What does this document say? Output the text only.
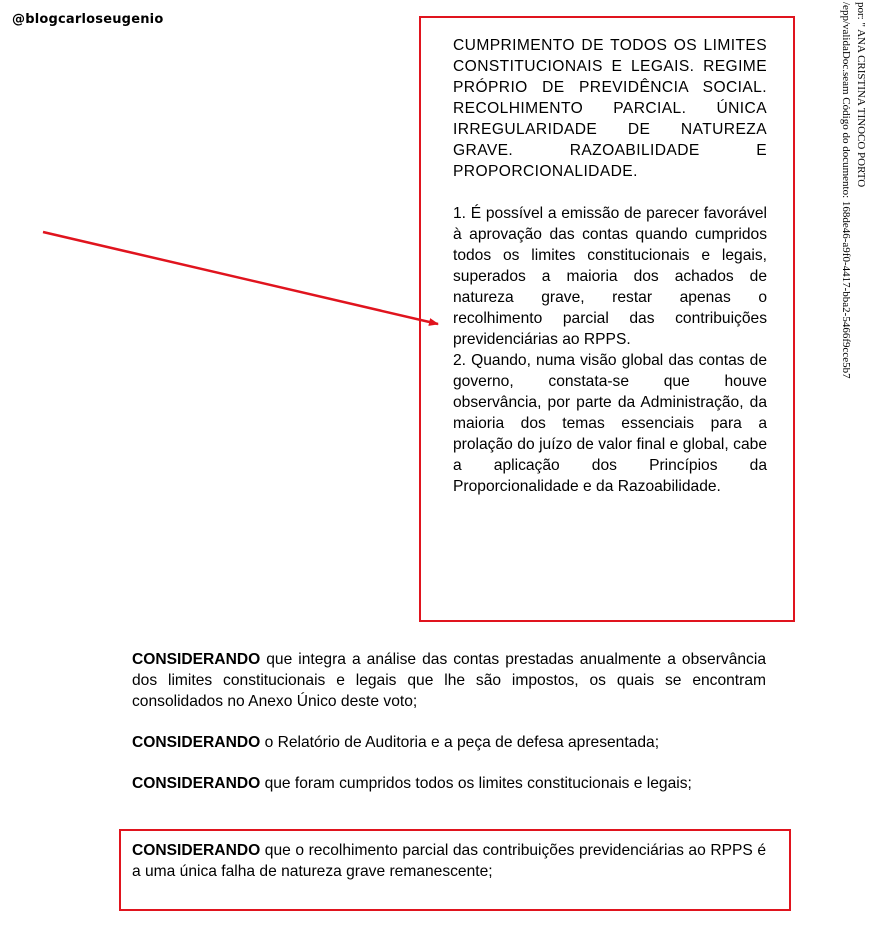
@blogcarloseugenio	por: " ANA CRISTINA TINOCO PORTO
/epp/validaDoc.seam Código do documento: 168de46-a9f0-4417-bba2-5466f9cce5b7

CUMPRIMENTO DE TODOS OS LIMITES CONSTITUCIONAIS E LEGAIS. REGIME PRÓPRIO DE PREVIDÊNCIA SOCIAL. RECOLHIMENTO PARCIAL. ÚNICA IRREGULARIDADE DE NATUREZA GRAVE. RAZOABILIDADE E PROPORCIONALIDADE.

1. É possível a emissão de parecer favorável à aprovação das contas quando cumpridos todos os limites constitucionais e legais, superados a maioria dos achados de natureza grave, restar apenas o recolhimento parcial das contribuições previdenciárias ao RPPS.

2. Quando, numa visão global das contas de governo, constata-se que houve observância, por parte da Administração, da maioria dos temas essenciais para a prolação do juízo de valor final e global, cabe a aplicação dos Princípios da Proporcionalidade e da Razoabilidade.

CONSIDERANDO que integra a análise das contas prestadas anualmente a observância dos limites constitucionais e legais que lhe são impostos, os quais se encontram consolidados no Anexo Único deste voto;

CONSIDERANDO o Relatório de Auditoria e a peça de defesa apresentada;

CONSIDERANDO que foram cumpridos todos os limites constitucionais e legais;

CONSIDERANDO que o recolhimento parcial das contribuições previdenciárias ao RPPS é a uma única falha de natureza grave remanescente;
